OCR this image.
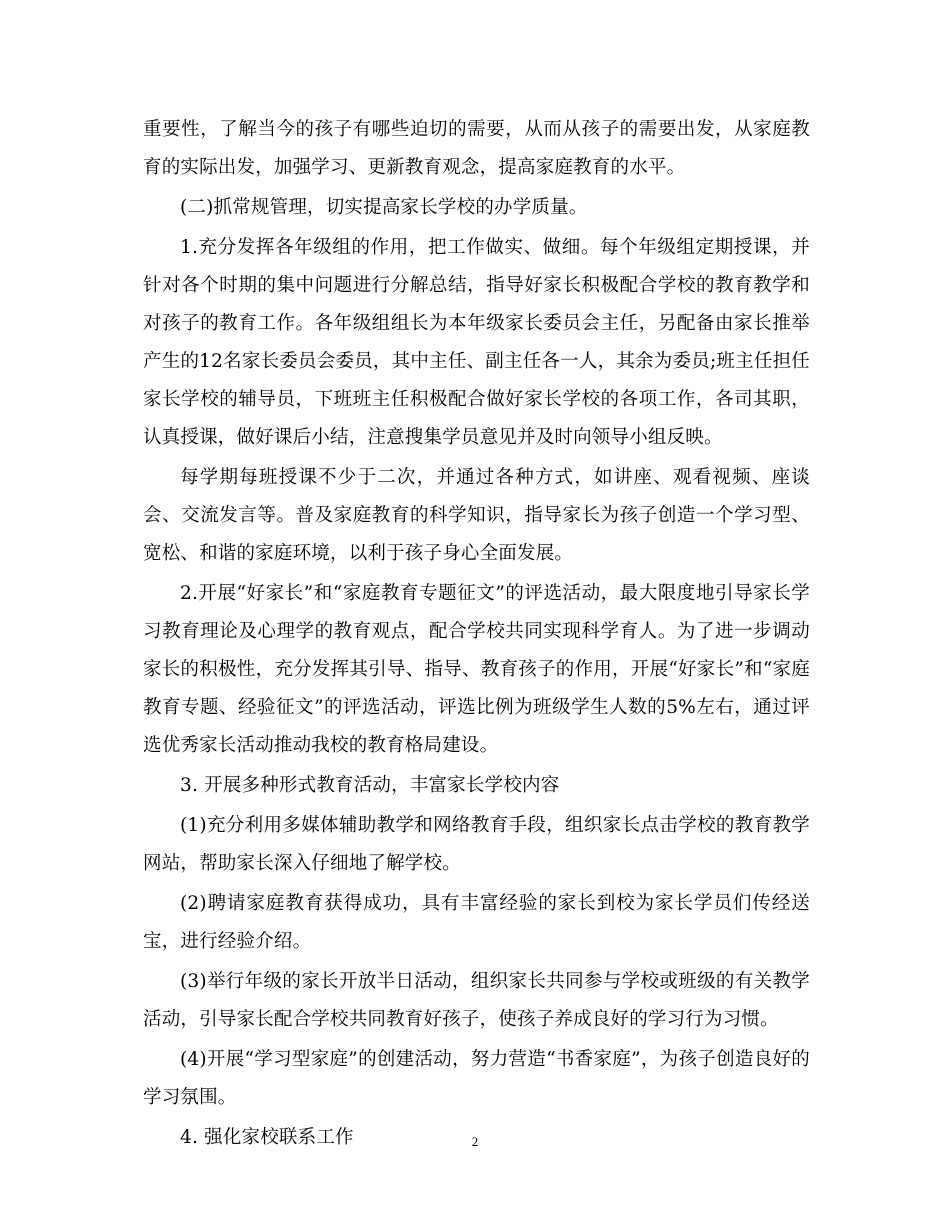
重要性，了解当今的孩子有哪些迫切的需要，从而从孩子的需要出发，从家庭教育的实际出发，加强学习、更新教育观念，提高家庭教育的水平。

(二)抓常规管理，切实提高家长学校的办学质量。

1.充分发挥各年级组的作用，把工作做实、做细。每个年级组定期授课，并针对各个时期的集中问题进行分解总结，指导好家长积极配合学校的教育教学和对孩子的教育工作。各年级组组长为本年级家长委员会主任，另配备由家长推举产生的12名家长委员会委员，其中主任、副主任各一人，其余为委员;班主任担任家长学校的辅导员，下班班主任积极配合做好家长学校的各项工作，各司其职，认真授课，做好课后小结，注意搜集学员意见并及时向领导小组反映。

每学期每班授课不少于二次，并通过各种方式，如讲座、观看视频、座谈会、交流发言等。普及家庭教育的科学知识，指导家长为孩子创造一个学习型、宽松、和谐的家庭环境，以利于孩子身心全面发展。

2.开展“好家长”和“家庭教育专题征文”的评选活动，最大限度地引导家长学习教育理论及心理学的教育观点，配合学校共同实现科学育人。为了进一步调动家长的积极性，充分发挥其引导、指导、教育孩子的作用，开展“好家长”和“家庭教育专题、经验征文”的评选活动，评选比例为班级学生人数的5%左右，通过评选优秀家长活动推动我校的教育格局建设。

3. 开展多种形式教育活动，丰富家长学校内容

(1)充分利用多媒体辅助教学和网络教育手段，组织家长点击学校的教育教学网站，帮助家长深入仔细地了解学校。

(2)聘请家庭教育获得成功，具有丰富经验的家长到校为家长学员们传经送宝，进行经验介绍。

(3)举行年级的家长开放半日活动，组织家长共同参与学校或班级的有关教学活动，引导家长配合学校共同教育好孩子，使孩子养成良好的学习行为习惯。

(4)开展“学习型家庭”的创建活动，努力营造“书香家庭”，为孩子创造良好的学习氛围。

4. 强化家校联系工作	2
